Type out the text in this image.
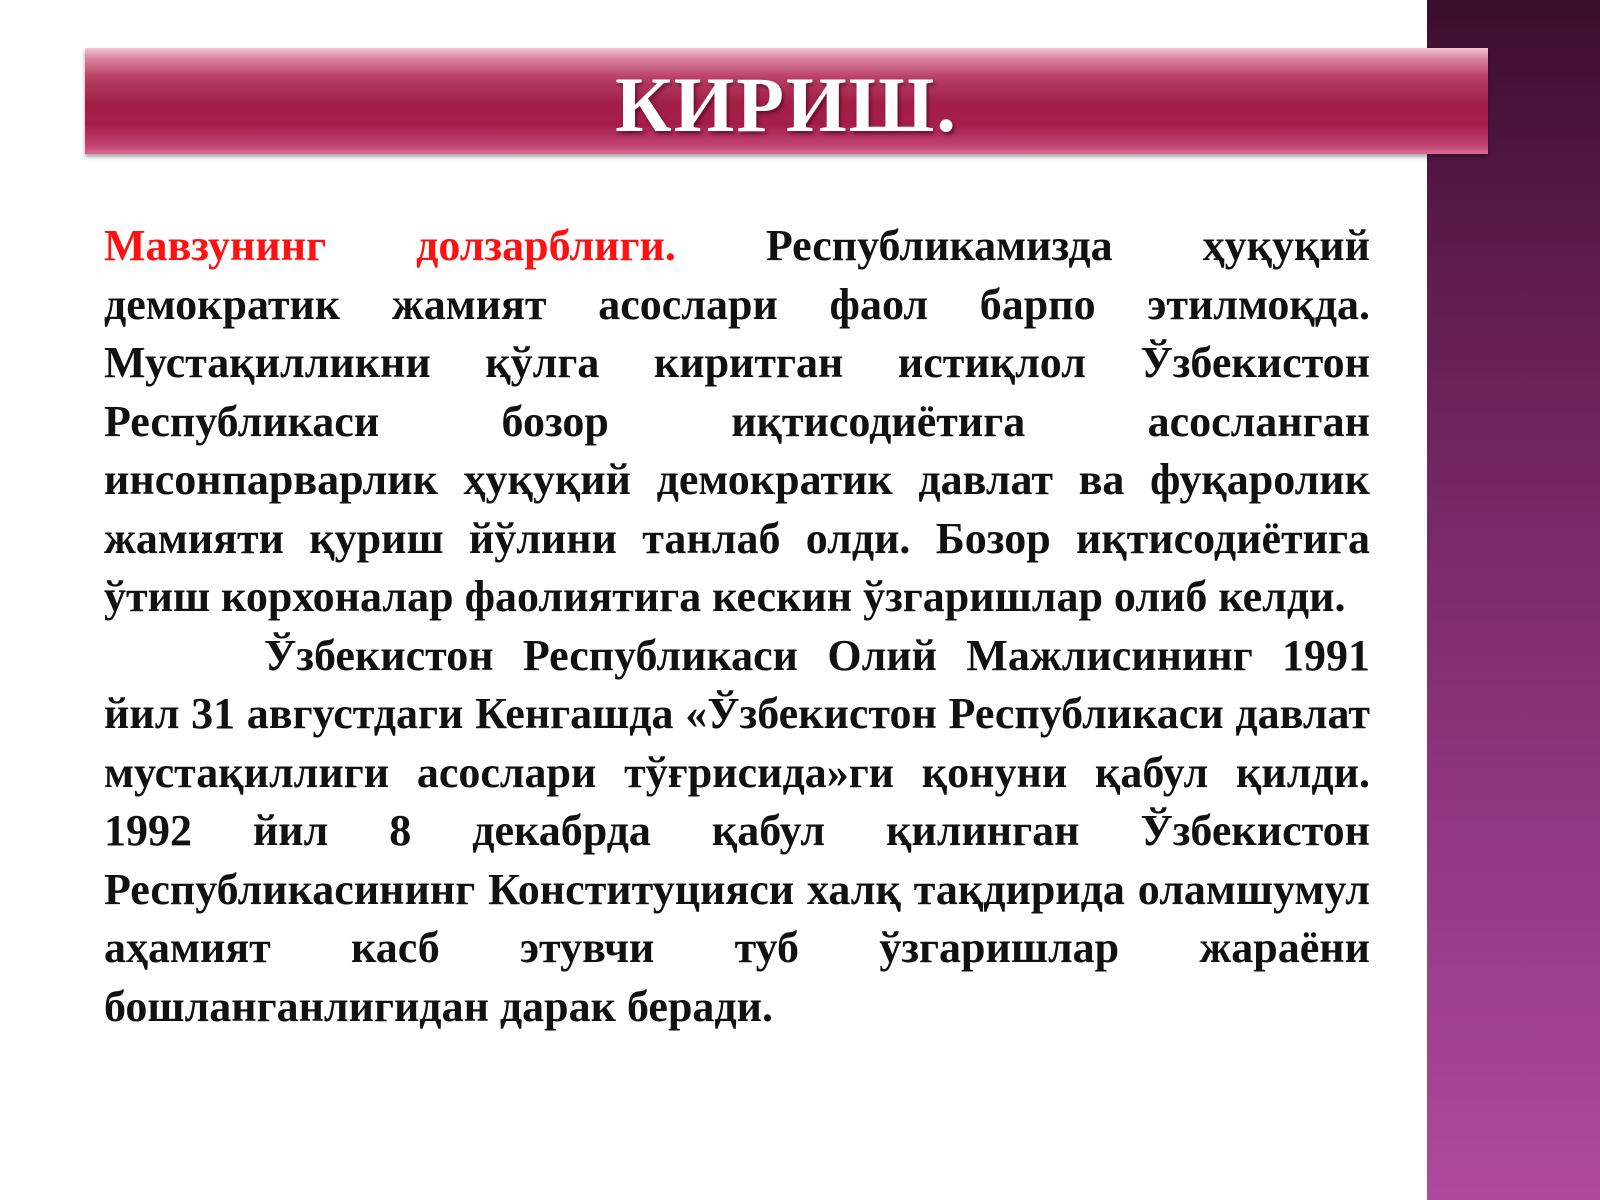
КИРИШ.

Мавзунинг долзарблиги. Республикамизда ҳуқуқий демократик жамият асослари фаол барпо этилмоқда. Мустақилликни қўлга киритган истиқлол Ўзбекистон Республикаси бозор иқтисодиётига асосланган инсонпарварлик ҳуқуқий демократик давлат ва фуқаролик жамияти қуриш йўлини танлаб олди. Бозор иқтисодиётига ўтиш корхоналар фаолиятига кескин ўзгаришлар олиб келди.

Ўзбекистон Республикаси Олий Мажлисининг 1991 йил 31 августдаги Кенгашда «Ўзбекистон Республикаси давлат мустақиллиги асослари тўғрисида»ги қонуни қабул қилди. 1992 йил 8 декабрда қабул қилинган Ўзбекистон Республикасининг Конституцияси халқ тақдирида оламшумул аҳамият касб этувчи туб ўзгаришлар жараёни бошланганлигидан дарак беради.
